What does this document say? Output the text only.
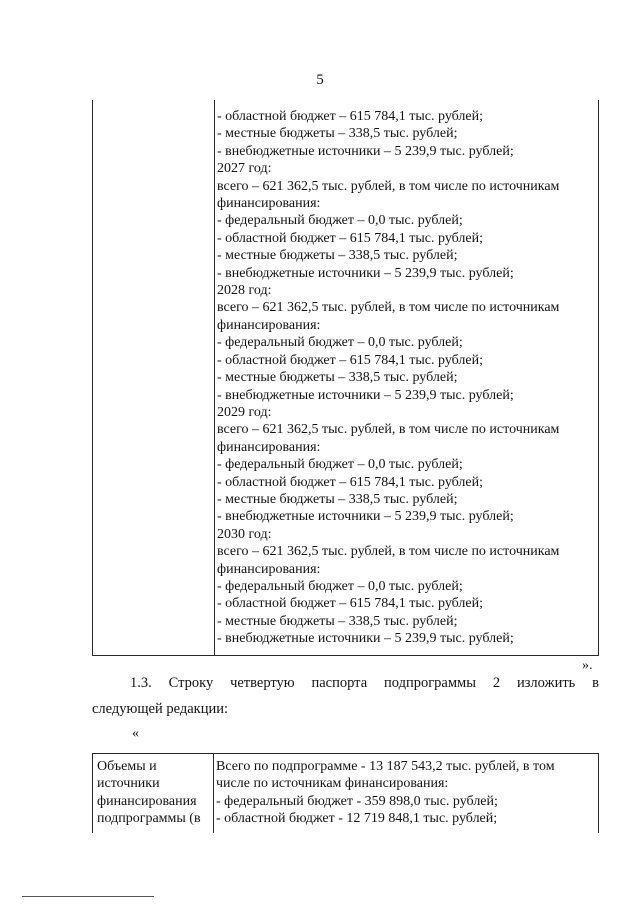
5
- областной бюджет – 615 784,1 тыс. рублей;
- местные бюджеты – 338,5 тыс. рублей;
- внебюджетные источники – 5 239,9 тыс. рублей;
2027 год:
всего – 621 362,5 тыс. рублей, в том числе по источникам
финансирования:
- федеральный бюджет – 0,0 тыс. рублей;
- областной бюджет – 615 784,1 тыс. рублей;
- местные бюджеты – 338,5 тыс. рублей;
- внебюджетные источники – 5 239,9 тыс. рублей;
2028 год:
всего – 621 362,5 тыс. рублей, в том числе по источникам
финансирования:
- федеральный бюджет – 0,0 тыс. рублей;
- областной бюджет – 615 784,1 тыс. рублей;
- местные бюджеты – 338,5 тыс. рублей;
- внебюджетные источники – 5 239,9 тыс. рублей;
2029 год:
всего – 621 362,5 тыс. рублей, в том числе по источникам
финансирования:
- федеральный бюджет – 0,0 тыс. рублей;
- областной бюджет – 615 784,1 тыс. рублей;
- местные бюджеты – 338,5 тыс. рублей;
- внебюджетные источники – 5 239,9 тыс. рублей;
2030 год:
всего – 621 362,5 тыс. рублей, в том числе по источникам
финансирования:
- федеральный бюджет – 0,0 тыс. рублей;
- областной бюджет – 615 784,1 тыс. рублей;
- местные бюджеты – 338,5 тыс. рублей;
- внебюджетные источники – 5 239,9 тыс. рублей;
».
1.3. Строку четвертую паспорта подпрограммы 2 изложить в
следующей редакции:
«
Объемы и
источники
финансирования
подпрограммы (в
Всего по подпрограмме - 13 187 543,2 тыс. рублей, в том
числе по источникам финансирования:
- федеральный бюджет - 359 898,0 тыс. рублей;
- областной бюджет - 12 719 848,1 тыс. рублей;
